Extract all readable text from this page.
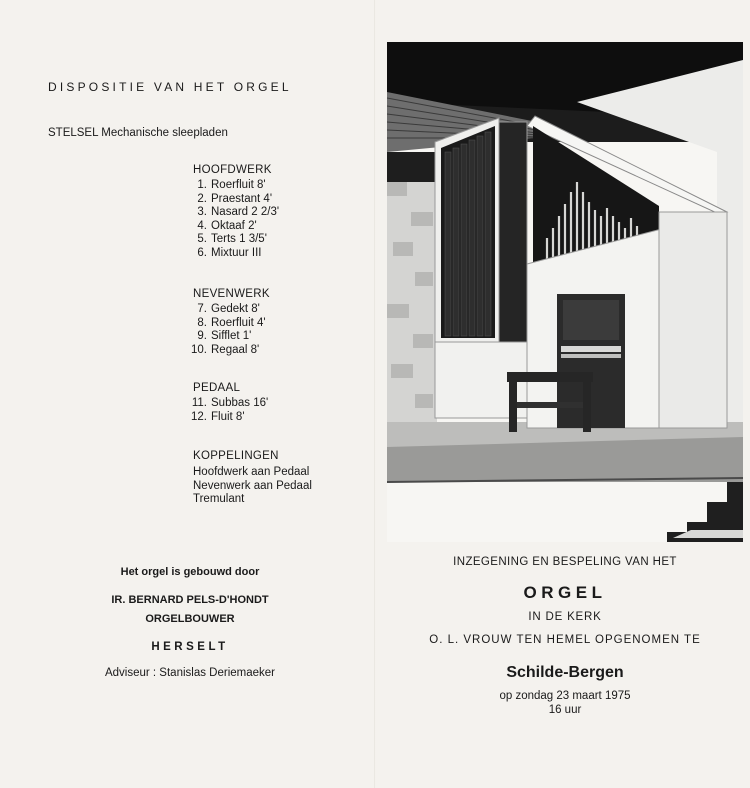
DISPOSITIE VAN HET ORGEL
STELSEL Mechanische sleepladen
HOOFDWERK
1. Roerfluit 8'
2. Praestant 4'
3. Nasard 2 2/3'
4. Oktaaf 2'
5. Terts 1 3/5'
6. Mixtuur III
NEVENWERK
7. Gedekt 8'
8. Roerfluit 4'
9. Sifflet 1'
10. Regaal 8'
PEDAAL
11. Subbas 16'
12. Fluit 8'
KOPPELINGEN
Hoofdwerk aan Pedaal
Nevenwerk aan Pedaal
Tremulant
Het orgel is gebouwd door
IR. BERNARD PELS-D'HONDT
ORGELBOUWER
HERSELT
Adviseur : Stanislas Deriemaeker
INZEGENING EN BESPELING VAN HET
ORGEL
IN DE KERK
O. L. VROUW TEN HEMEL OPGENOMEN TE
Schilde-Bergen
op zondag 23 maart 1975
16 uur
